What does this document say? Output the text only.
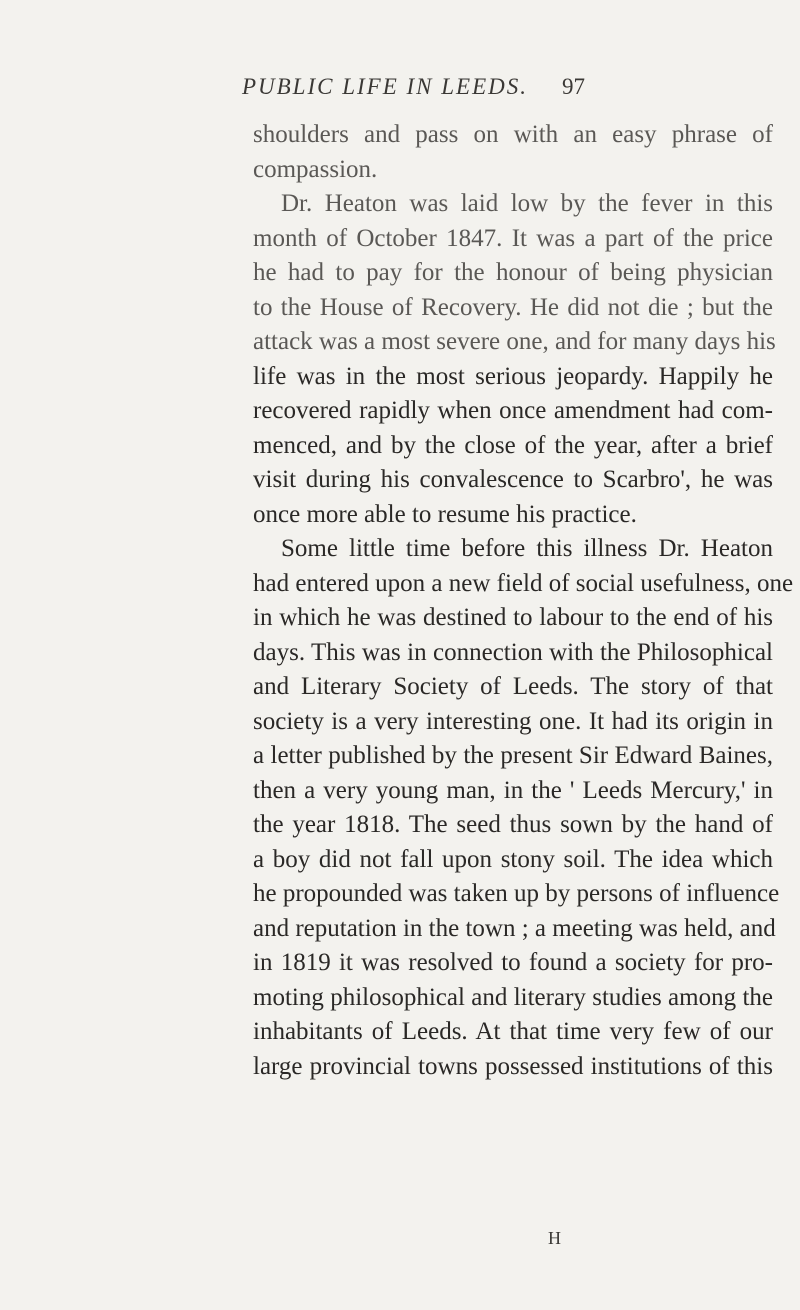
PUBLIC LIFE IN LEEDS.	97
shoulders and pass on with an easy phrase of
compassion.
Dr. Heaton was laid low by the fever in this
month of October 1847. It was a part of the price
he had to pay for the honour of being physician
to the House of Recovery. He did not die ; but the
attack was a most severe one, and for many days his
life was in the most serious jeopardy. Happily he
recovered rapidly when once amendment had com-
menced, and by the close of the year, after a brief
visit during his convalescence to Scarbro', he was
once more able to resume his practice.
Some little time before this illness Dr. Heaton
had entered upon a new field of social usefulness, one
in which he was destined to labour to the end of his
days. This was in connection with the Philosophical
and Literary Society of Leeds. The story of that
society is a very interesting one. It had its origin in
a letter published by the present Sir Edward Baines,
then a very young man, in the ' Leeds Mercury,' in
the year 1818. The seed thus sown by the hand of
a boy did not fall upon stony soil. The idea which
he propounded was taken up by persons of influence
and reputation in the town ; a meeting was held, and
in 1819 it was resolved to found a society for pro-
moting philosophical and literary studies among the
inhabitants of Leeds. At that time very few of our
large provincial towns possessed institutions of this
H
